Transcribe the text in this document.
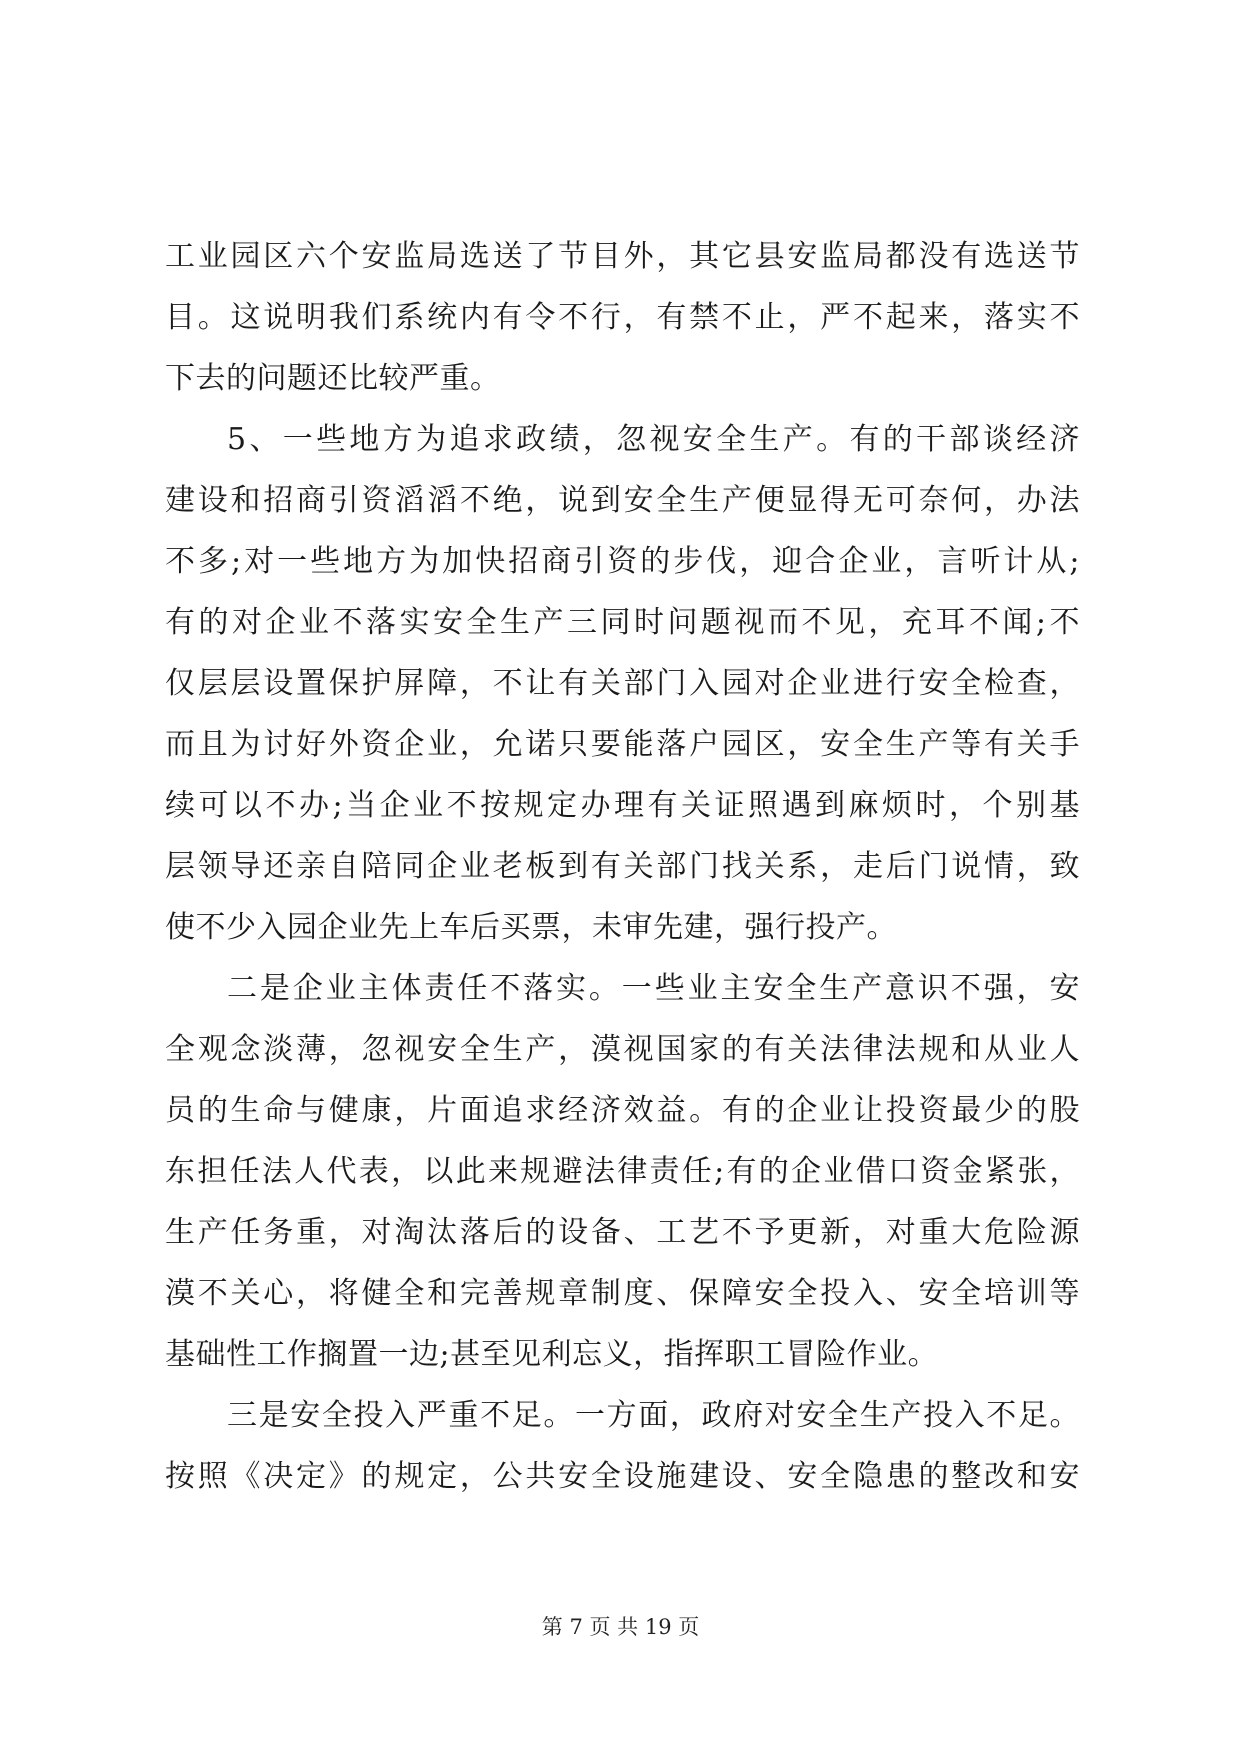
工业园区六个安监局选送了节目外，其它县安监局都没有选送节
目。这说明我们系统内有令不行，有禁不止，严不起来，落实不
下去的问题还比较严重。
5、一些地方为追求政绩，忽视安全生产。有的干部谈经济
建设和招商引资滔滔不绝，说到安全生产便显得无可奈何，办法
不多;对一些地方为加快招商引资的步伐，迎合企业，言听计从;
有的对企业不落实安全生产三同时问题视而不见，充耳不闻;不
仅层层设置保护屏障，不让有关部门入园对企业进行安全检查，
而且为讨好外资企业，允诺只要能落户园区，安全生产等有关手
续可以不办;当企业不按规定办理有关证照遇到麻烦时，个别基
层领导还亲自陪同企业老板到有关部门找关系，走后门说情，致
使不少入园企业先上车后买票，未审先建，强行投产。
二是企业主体责任不落实。一些业主安全生产意识不强，安
全观念淡薄，忽视安全生产，漠视国家的有关法律法规和从业人
员的生命与健康，片面追求经济效益。有的企业让投资最少的股
东担任法人代表，以此来规避法律责任;有的企业借口资金紧张，
生产任务重，对淘汰落后的设备、工艺不予更新，对重大危险源
漠不关心，将健全和完善规章制度、保障安全投入、安全培训等
基础性工作搁置一边;甚至见利忘义，指挥职工冒险作业。
三是安全投入严重不足。一方面，政府对安全生产投入不足。
按照《决定》的规定，公共安全设施建设、安全隐患的整改和安
第 7 页 共 19 页
